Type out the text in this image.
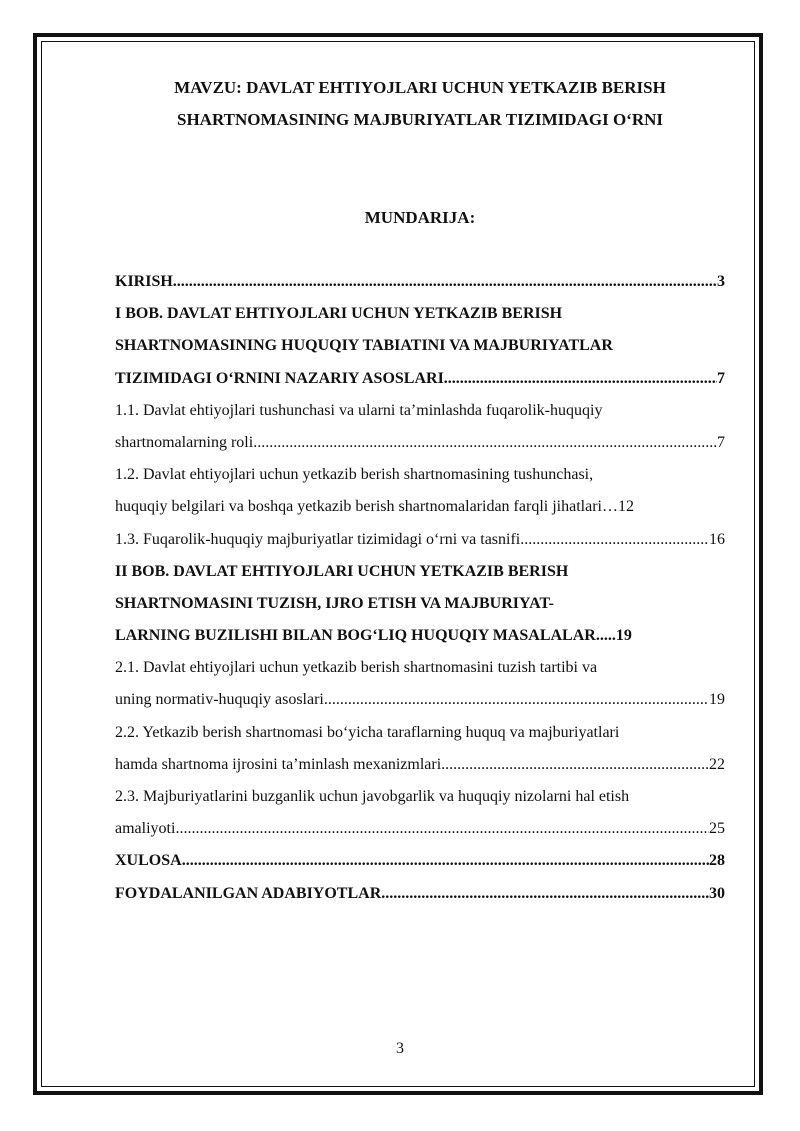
MAVZU: DAVLAT EHTIYOJLARI UCHUN YETKAZIB BERISH
SHARTNOMASINING MAJBURIYATLAR TIZIMIDAGI O‘RNI
MUNDARIJA:
KIRISH .....	3
I BOB. DAVLAT EHTIYOJLARI UCHUN YETKAZIB BERISH
SHARTNOMASINING HUQUQIY TABIATINI VA MAJBURIYATLAR
TIZIMIDAGI O‘RNINI NAZARIY ASOSLARI .....	7
1.1. Davlat ehtiyojlari tushunchasi va ularni ta’minlashda fuqarolik-huquqiy
shartnomalarning roli .....	7
1.2. Davlat ehtiyojlari uchun yetkazib berish shartnomasining tushunchasi,
huquqiy belgilari va boshqa yetkazib berish shartnomalaridan farqli jihatlari…12
1.3. Fuqarolik-huquqiy majburiyatlar tizimidagi o‘rni va tasnifi .....	16
II BOB. DAVLAT EHTIYOJLARI UCHUN YETKAZIB BERISH
SHARTNOMASINI TUZISH, IJRO ETISH VA MAJBURIYAT-
LARNING BUZILISHI BILAN BOG‘LIQ HUQUQIY MASALALAR.....19
2.1. Davlat ehtiyojlari uchun yetkazib berish shartnomasini tuzish tartibi va
uning normativ-huquqiy asoslari .....	19
2.2. Yetkazib berish shartnomasi bo‘yicha taraflarning huquq va majburiyatlari
hamda shartnoma ijrosini ta’minlash mexanizmlari .....	22
2.3. Majburiyatlarini buzganlik uchun javobgarlik va huquqiy nizolarni hal etish
amaliyoti .....	25
XULOSA .....	28
FOYDALANILGAN ADABIYOTLAR .....	30
3
